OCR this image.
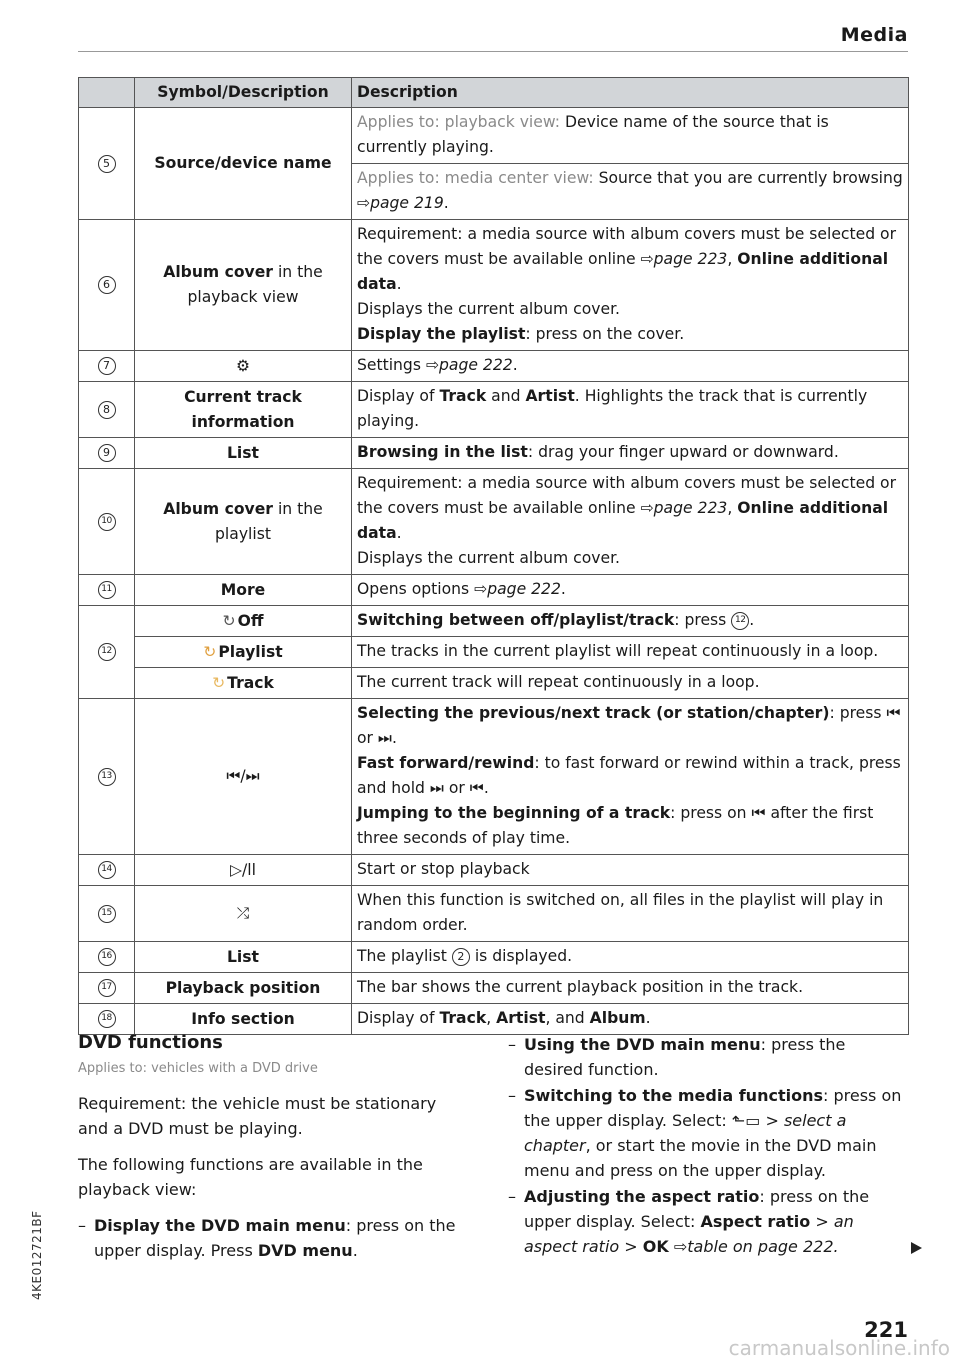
Media
	Symbol/Description	Description
5	Source/device name	Applies to: playback view: Device name of the source that is currently playing.
		Applies to: media center view: Source that you are currently browsing ⇨page 219.
6	Album cover in the playback view	Requirement: a media source with album covers must be selected or the covers must be available online ⇨page 223, Online additional data.
Displays the current album cover.
Display the playlist: press on the cover.
7	⚙	Settings ⇨page 222.
8	Current track information	Display of Track and Artist. Highlights the track that is currently playing.
9	List	Browsing in the list: drag your finger upward or downward.
10	Album cover in the playlist	Requirement: a media source with album covers must be selected or the covers must be available online ⇨page 223, Online additional data.
Displays the current album cover.
11	More	Opens options ⇨page 222.
12	↻ Off	Switching between off/playlist/track: press 12 .
	↻ Playlist	The tracks in the current playlist will repeat continuously in a loop.
	↻ Track	The current track will repeat continuously in a loop.
13	⏮/⏭	Selecting the previous/next track (or station/chapter): press ⏮ or ⏭.
Fast forward/rewind: to fast forward or rewind within a track, press and hold ⏭ or ⏮.
Jumping to the beginning of a track: press on ⏮ after the first three seconds of play time.
14	▷/ll	Start or stop playback
15	⤮	When this function is switched on, all files in the playlist will play in random order.
16	List	The playlist 2 is displayed.
17	Playback position	The bar shows the current playback position in the track.
18	Info section	Display of Track, Artist, and Album.
DVD functions
Applies to: vehicles with a DVD drive

Requirement: the vehicle must be stationary and a DVD must be playing.

The following functions are available in the playback view:

– Display the DVD main menu: press on the upper display. Press DVD menu.
– Using the DVD main menu: press the desired function.
– Switching to the media functions: press on the upper display. Select: ⬑▭ > select a chapter, or start the movie in the DVD main menu and press on the upper display.
– Adjusting the aspect ratio: press on the upper display. Select: Aspect ratio > an aspect ratio > OK ⇨table on page 222.
221
4KE012721BF
carmanualsonline.info
